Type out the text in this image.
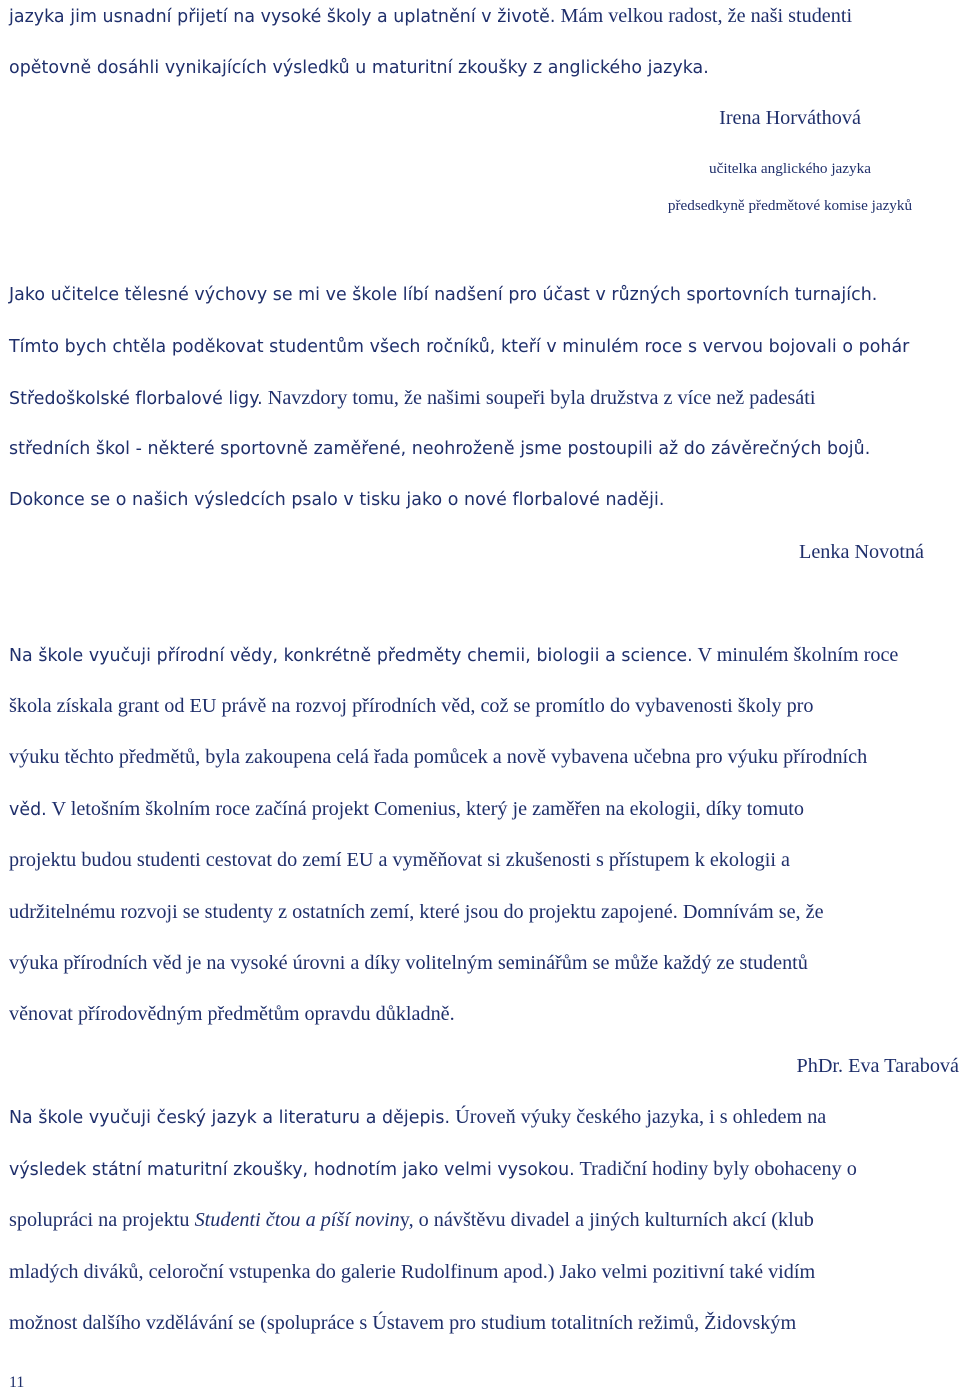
jazyka jim usnadní přijetí na vysoké školy a uplatnění v životě. Mám velkou radost, že naši studenti
opětovně dosáhli vynikajících výsledků u maturitní zkoušky z anglického jazyka.
Irena Horváthová
učitelka anglického jazyka
předsedkyně předmětové komise jazyků
Jako učitelce tělesné výchovy se mi ve škole líbí nadšení pro účast v různých sportovních turnajích.
Tímto bych chtěla poděkovat studentům všech ročníků, kteří v minulém roce s vervou bojovali o pohár
Středoškolské florbalové ligy. Navzdory tomu, že našimi soupeři byla družstva z více než padesáti
středních škol - některé sportovně zaměřené, neohroženě jsme postoupili až do závěrečných bojů.
Dokonce se o našich výsledcích psalo v tisku jako o nové florbalové naději.
Lenka Novotná
Na škole vyučuji přírodní vědy, konkrétně předměty chemii, biologii a science. V minulém školním roce
škola získala grant od EU právě na rozvoj přírodních věd, což se promítlo do vybavenosti školy pro
výuku těchto předmětů, byla zakoupena celá řada pomůcek a nově vybavena učebna pro výuku přírodních
věd. V letošním školním roce začíná projekt Comenius, který je zaměřen na ekologii, díky tomuto
projektu budou studenti cestovat do zemí EU a vyměňovat si zkušenosti s přístupem k ekologii a
udržitelnému rozvoji se studenty z ostatních zemí, které jsou do projektu zapojené. Domnívám se, že
výuka přírodních věd je na vysoké úrovni a díky volitelným seminářům se může každý ze studentů
věnovat přírodovědným předmětům opravdu důkladně.
PhDr. Eva Tarabová
Na škole vyučuji český jazyk a literaturu a dějepis. Úroveň výuky českého jazyka, i s ohledem na
výsledek státní maturitní zkoušky, hodnotím jako velmi vysokou. Tradiční hodiny byly obohaceny o
spolupráci na projektu Studenti čtou a píší noviny, o návštěvu divadel a jiných kulturních akcí (klub
mladých diváků, celoroční vstupenka do galerie Rudolfinum apod.) Jako velmi pozitivní také vidím
možnost dalšího vzdělávání se (spolupráce s Ústavem pro studium totalitních režimů, Židovským
11
